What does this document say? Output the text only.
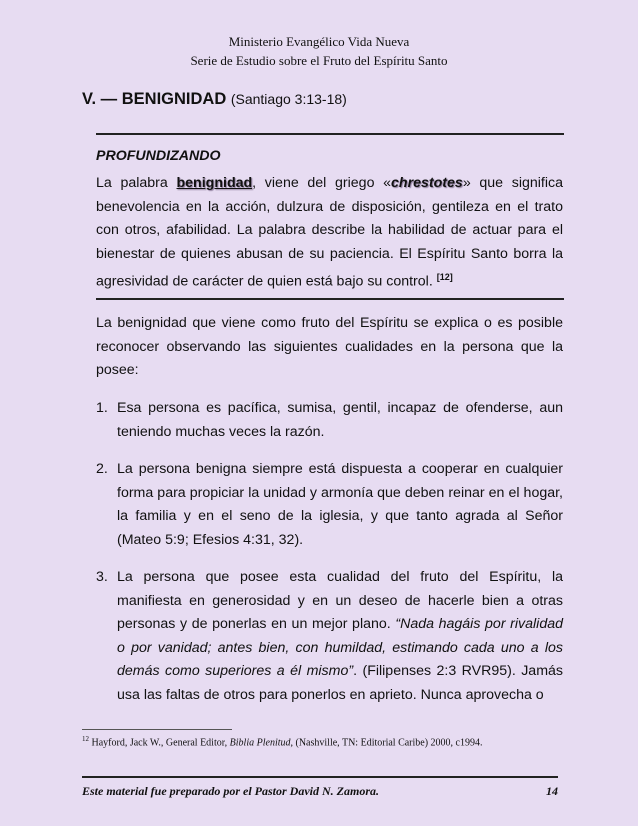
Ministerio Evangélico Vida Nueva
Serie de Estudio sobre el Fruto del Espíritu Santo
V. — BENIGNIDAD (Santiago 3:13-18)
PROFUNDIZANDO
La palabra benignidad, viene del griego «chrestotes» que significa benevolencia en la acción, dulzura de disposición, gentileza en el trato con otros, afabilidad. La palabra describe la habilidad de actuar para el bienestar de quienes abusan de su paciencia. El Espíritu Santo borra la agresividad de carácter de quien está bajo su control. [12]
La benignidad que viene como fruto del Espíritu se explica o es posible reconocer observando las siguientes cualidades en la persona que la posee:
1. Esa persona es pacífica, sumisa, gentil, incapaz de ofenderse, aun teniendo muchas veces la razón.
2. La persona benigna siempre está dispuesta a cooperar en cualquier forma para propiciar la unidad y armonía que deben reinar en el hogar, la familia y en el seno de la iglesia, y que tanto agrada al Señor (Mateo 5:9; Efesios 4:31, 32).
3. La persona que posee esta cualidad del fruto del Espíritu, la manifiesta en generosidad y en un deseo de hacerle bien a otras personas y de ponerlas en un mejor plano. “Nada hagáis por rivalidad o por vanidad; antes bien, con humildad, estimando cada uno a los demás como superiores a él mismo”. (Filipenses 2:3 RVR95). Jamás usa las faltas de otros para ponerlos en aprieto. Nunca aprovecha o
$^{12}$ Hayford, Jack W., General Editor, Biblia Plenitud, (Nashville, TN: Editorial Caribe) 2000, c1994.
Este material fue preparado por el Pastor David N. Zamora.	14
